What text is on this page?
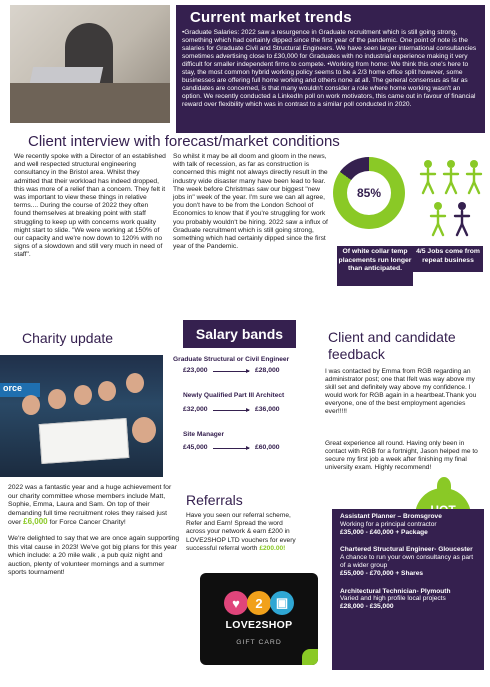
Current market trends
•Graduate Salaries: 2022 saw a resurgence in Graduate recruitment which is still going strong, something which had certainly dipped since the first year of the pandemic. One point of note is the salaries for Graduate Civil and Structural Engineers. We have seen larger international consultancies sometimes advertising close to £30,000 for Graduates with no industrial experience making it very difficult for smaller independent firms to compete. •Working from home: We think this one's here to stay, the most common hybrid working policy seems to be a 2/3 home office split however, some businesses are offering full home working and others none at all. The general consensus as far as candidates are concerned, is that many wouldn't consider a role where home working wasn't an option. We recently conducted a LinkedIn poll on work motivators, this came out in favour of financial reward over flexibility which was in contrast to a similar poll conducted in 2020.
Client interview with forecast/market conditions
We recently spoke with a Director of an established and well respected structural engineering consultancy in the Bristol area. Whilst they admitted that their workload has indeed dropped, this was more of a relief than a concern. They felt it was important to view these things in relative terms.... During the course of 2022 they often found themselves at breaking point with staff struggling to keep up with concerns work quality might start to slide. "We were working at 150% of our capacity and we're now down to 120% with no signs of a slowdown and still very much in need of staff".
So whilst it may be all doom and gloom in the news, with talk of recession, as far as construction is concerned this might not always directly result in the industry wide disaster many have been lead to fear. The week before Christmas saw our biggest "new jobs in" week of the year. I'm sure we can all agree, you don't have to be from the London School of Economics to know that if you're struggling for work you probably wouldn't be hiring. 2022 saw a influx of Graduate recruitment which is still going strong, something which had certainly dipped since the first year of the Pandemic.
85%
Of white collar temp placements run longer than anticipated.
4/5 Jobs come from repeat business
Charity update
orce

2022 was a fantastic year and a huge achievement for our charity committee whose members include Matt, Sophie, Emma, Laura and Sam. On top of their demanding full time recruitment roles they raised just over £6,000 for Force Cancer Charity!

We're delighted to say that we are once again supporting this vital cause in 2023! We've got big plans for this year which include: a 20 mile walk , a pub quiz night and auction, plenty of volunteer mornings and a summer sports tournament!

Salary bands
Graduate Structural or Civil Engineer
£23,000	£28,000
Newly Qualified Part III Architect
£32,000	£36,000
Site Manager
£45,000	£60,000
Referrals
Have you seen our referral scheme, Refer and Earn! Spread the word across your network & earn £200 in LOVE2SHOP LTD vouchers for every successful referral worth £200.00!
♥	2	▣
LOVE2SHOP
GIFT CARD
Client and candidate feedback
I was contacted by Emma from RGB regarding an administrator post; one that Ifelt was way above my skill set and definitely way above my confidence. I would work for RGB again in a heartbeat.Thank you everyone, one of the best employment agencies ever!!!!!
Great experience all round. Having only been in contact with RGB for a fortnight, Jason helped me to secure my first job a week after finishing my final university exam. Highly recommend!
Assistant Planner – Bromsgrove
Working for a principal contractor
£35,000 - £40,000 + Package
Chartered Structural Engineer- Gloucester
A chance to run your own consultancy as part of a wider group
£55,000 - £70,000 + Shares
Architectural Technician- Plymouth
Varied and high profile local projects
£28,000 - £35,000
